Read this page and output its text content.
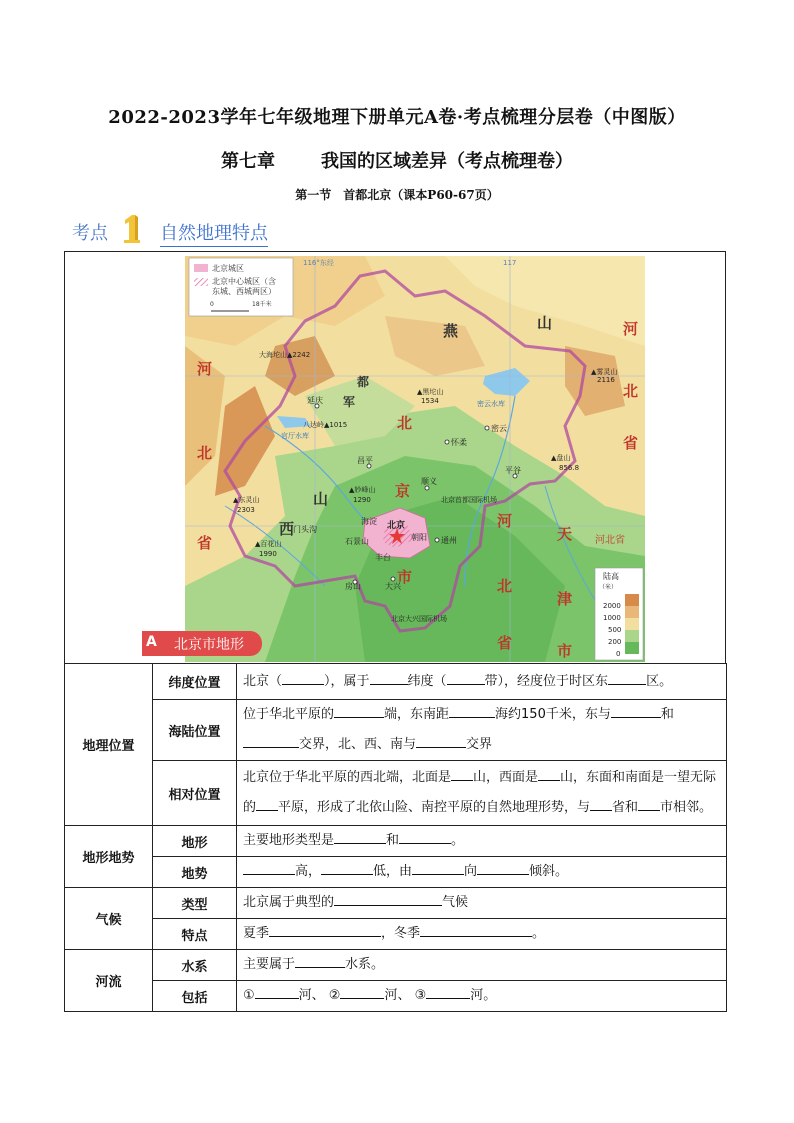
2022-2023学年七年级地理下册单元A卷·考点梳理分层卷（中图版）
第七章	我国的区域差异（考点梳理卷）
第一节 首都北京（课本P60-67页）
考点	自然地理特点
北京城区
北京中心城区（含
东城、西城两区）
0	18千米
116°东经	117
燕	山	河
北
省
河
北
省
西
山
北
京
市
天
津
市
河
北
省
军
都
河北省
大海坨山▲2242
八达岭▲1015
▲黑坨山
1534
▲雾灵山
2116
▲东灵山
2303
▲百花山
1990
▲盘山
856.8
▲妙峰山
1290
延庆
昌平
怀柔
密云
密云水库
官厅水库
平谷
顺义
北京首都国际机场
门头沟
海淀 北京
朝阳
石景山
丰台
通州
房山	大兴
北京大兴国际机场
陆高
（米）
2000
1000
500
200
0
A 北京市地形
地理位置	纬度位置	北京（ ），属于 纬度（ 带），经度位于时区东 区。
	海陆位置	位于华北平原的 端，东南距 海约150千米，东与 和
交界，北、西、南与 交界
	相对位置	北京位于华北平原的西北端，北面是 山，西面是 山，东面和南面是一望无际
的 平原，形成了北依山险、南控平原的自然地理形势，与 省和 市相邻。
地形地势	地形	主要地形类型是 和 。
	地势	高， 低，由 向 倾斜。
气候	类型	北京属于典型的 气候
	特点	夏季 ，冬季 。
河流	水系	主要属于 水系。
	包括	① 河、 ② 河、 ③ 河。
